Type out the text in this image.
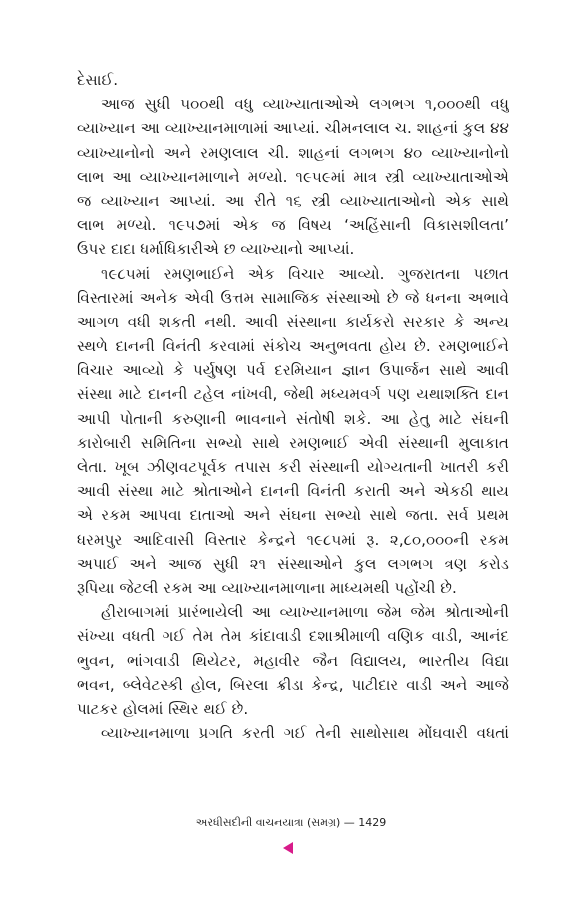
દેસાઈ.
આજ સુધી ૫૦૦થી વધુ વ્યાખ્યાતાઓએ લગભગ ૧,૦૦૦થી વધુ
વ્યાખ્યાન આ વ્યાખ્યાનમાળામાં આપ્યાં. ચીમનલાલ ચ. શાહનાં કુલ ૪૪
વ્યાખ્યાનોનો અને રમણલાલ ચી. શાહનાં લગભગ ૪૦ વ્યાખ્યાનોનો
લાભ આ વ્યાખ્યાનમાળાને મળ્યો. ૧૯૫૯માં માત્ર સ્ત્રી વ્યાખ્યાતાઓએ
જ વ્યાખ્યાન આપ્યાં. આ રીતે ૧૬ સ્ત્રી વ્યાખ્યાતાઓનો એક સાથે
લાભ મળ્યો. ૧૯૫૭માં એક જ વિષય ‘અહિંસાની વિકાસશીલતા’
ઉપર દાદા ધર્માધિકારીએ છ વ્યાખ્યાનો આપ્યાં.
૧૯૮૫માં રમણભાઈને એક વિચાર આવ્યો. ગુજરાતના પછાત
વિસ્તારમાં અનેક એવી ઉત્તમ સામાજિક સંસ્થાઓ છે જે ધનના અભાવે
આગળ વધી શકતી નથી. આવી સંસ્થાના કાર્યકરો સરકાર કે અન્ય
સ્થળે દાનની વિનંતી કરવામાં સંકોચ અનુભવતા હોય છે. રમણભાઈને
વિચાર આવ્યો કે પર્યુષણ પર્વ દરમિયાન જ્ઞાન ઉપાર્જન સાથે આવી
સંસ્થા માટે દાનની ટહેલ નાંખવી, જેથી મધ્યમવર્ગ પણ યથાશક્તિ દાન
આપી પોતાની કરુણાની ભાવનાને સંતોષી શકે. આ હેતુ માટે સંઘની
કારોબારી સમિતિના સભ્યો સાથે રમણભાઈ એવી સંસ્થાની મુલાકાત
લેતા. ખૂબ ઝીણવટપૂર્વક તપાસ કરી સંસ્થાની યોગ્યતાની ખાતરી કરી
આવી સંસ્થા માટે શ્રોતાઓને દાનની વિનંતી કરાતી અને એકઠી થાય
એ રકમ આપવા દાતાઓ અને સંઘના સભ્યો સાથે જતા. સર્વ પ્રથમ
ધરમપુર આદિવાસી વિસ્તાર કેન્દ્રને ૧૯૮૫માં રૂ. ૨,૮૦,૦૦૦ની રકમ
અપાઈ અને આજ સુધી ૨૧ સંસ્થાઓને કુલ લગભગ ત્રણ કરોડ
રૂપિયા જેટલી રકમ આ વ્યાખ્યાનમાળાના માધ્યમથી પહોંચી છે.
હીરાબાગમાં પ્રારંભાયેલી આ વ્યાખ્યાનમાળા જેમ જેમ શ્રોતાઓની
સંખ્યા વધતી ગઈ તેમ તેમ કાંદાવાડી દશાશ્રીમાળી વણિક વાડી, આનંદ
ભુવન, ભાંગવાડી થિયેટર, મહાવીર જૈન વિદ્યાલય, ભારતીય વિદ્યા
ભવન, બ્લેવેટસ્કી હોલ, બિરલા ક્રીડા કેન્દ્ર, પાટીદાર વાડી અને આજે
પાટકર હોલમાં સ્થિર થઈ છે.
વ્યાખ્યાનમાળા પ્રગતિ કરતી ગઈ તેની સાથોસાથ મોંઘવારી વધતાં
અરધીસદીની વાચનયાત્રા (સમગ્ર) — 1429
